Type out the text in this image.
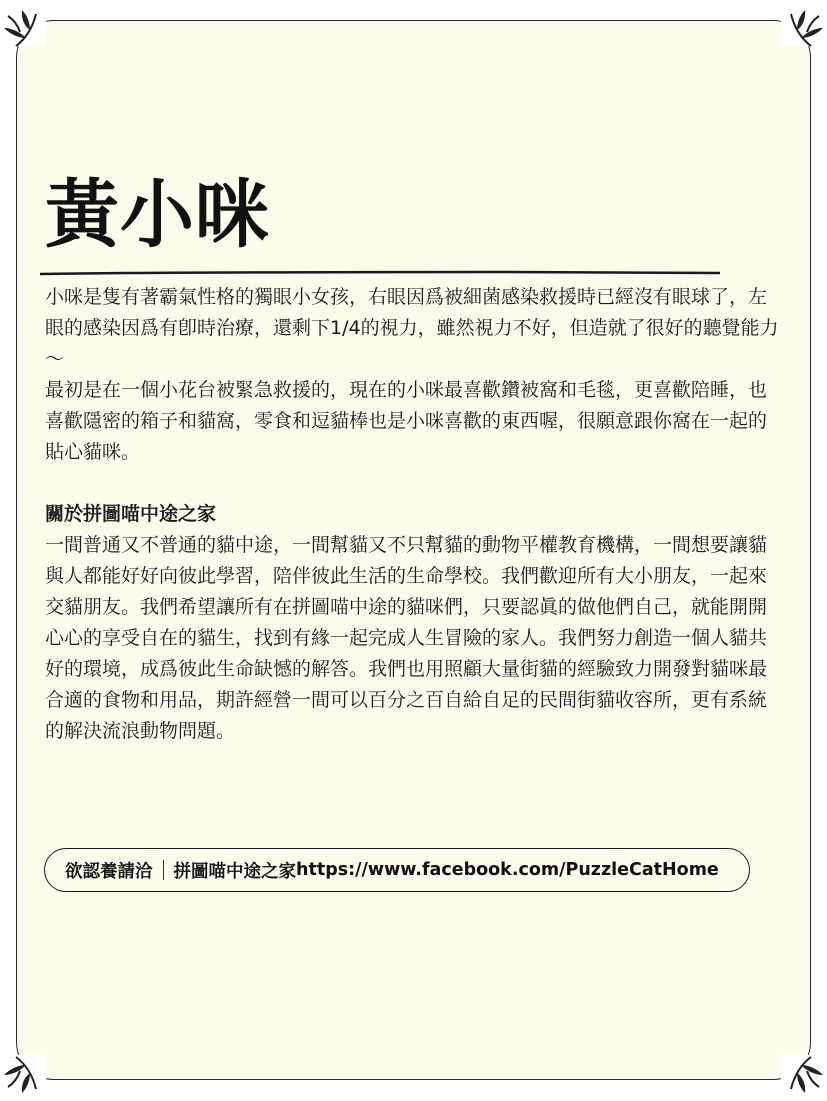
黃小咪

小咪是隻有著霸氣性格的獨眼小女孩，右眼因爲被細菌感染救援時已經沒有眼球了，左眼的感染因爲有卽時治療，還剩下1/4的視力，雖然視力不好，但造就了很好的聽覺能力～

最初是在一個小花台被緊急救援的，現在的小咪最喜歡鑽被窩和毛毯，更喜歡陪睡，也喜歡隱密的箱子和貓窩，零食和逗貓棒也是小咪喜歡的東西喔，很願意跟你窩在一起的貼心貓咪。

關於拼圖喵中途之家

一間普通又不普通的貓中途，一間幫貓又不只幫貓的動物平權教育機構，一間想要讓貓與人都能好好向彼此學習，陪伴彼此生活的生命學校。我們歡迎所有大小朋友，一起來交貓朋友。我們希望讓所有在拼圖喵中途的貓咪們，只要認眞的做他們自己，就能開開心心的享受自在的貓生，找到有緣一起完成人生冒險的家人。我們努力創造一個人貓共好的環境，成爲彼此生命缺憾的解答。我們也用照顧大量街貓的經驗致力開發對貓咪最合適的食物和用品，期許經營一間可以百分之百自給自足的民間街貓收容所，更有系統的解決流浪動物問題。

欲認養請洽 拼圖喵中途之家 https://www.facebook.com/PuzzleCatHome
